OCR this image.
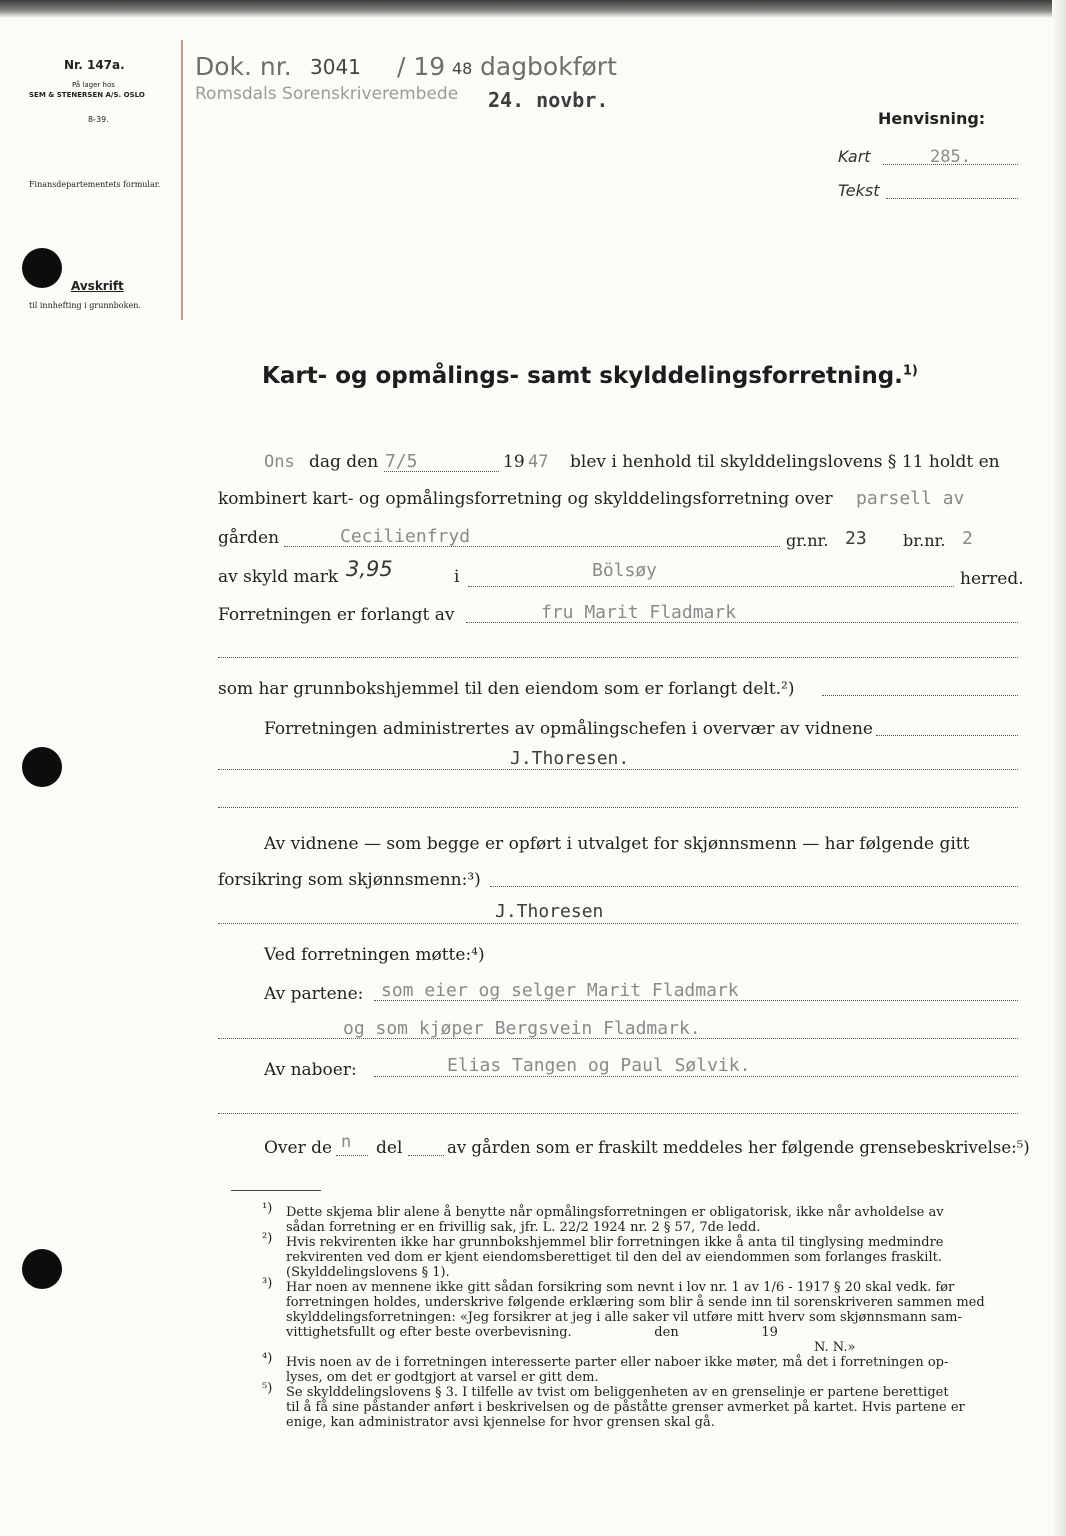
Nr. 147a.
På lager hos
SEM & STENERSEN A/S. OSLO
8-39.
Finansdepartementets formular.
Avskrift
til innhefting i grunnboken.
Dok. nr. 3041 / 19 48 dagbokført
Romsdals Sorenskriverembede 24. novbr.
Henvisning:
Kart	285.
Tekst
Kart- og opmålings- samt skylddelingsforretning.$^{1)}$
Ons dag den 7/5	19 47 blev i henhold til skylddelingslovens § 11 holdt en
kombinert kart- og opmålingsforretning og skylddelingsforretning over parsell av
gården	Cecilienfryd	gr.nr. 23 br.nr. 2
av skyld mark 3,95	i	Bölsøy	herred.
Forretningen er forlangt av	fru Marit Fladmark
som har grunnbokshjemmel til den eiendom som er forlangt delt.²)
Forretningen administrertes av opmålingschefen i overvær av vidnene
J.Thoresen.
Av vidnene — som begge er opført i utvalget for skjønnsmenn — har følgende gitt
forsikring som skjønnsmenn:³)
J.Thoresen
Ved forretningen møtte:⁴)
Av partene: som eier og selger Marit Fladmark
og som kjøper Bergsvein Fladmark.
Av naboer:	Elias Tangen og Paul Sølvik.
Over de n del	av gården som er fraskilt meddeles her følgende grensebeskrivelse:⁵)
¹) Dette skjema blir alene å benytte når opmålingsforretningen er obligatorisk, ikke når avholdelse av
sådan forretning er en frivillig sak, jfr. L. 22/2 1924 nr. 2 § 57, 7de ledd.
²) Hvis rekvirenten ikke har grunnbokshjemmel blir forretningen ikke å anta til tinglysing medmindre
rekvirenten ved dom er kjent eiendomsberettiget til den del av eiendommen som forlanges fraskilt.
(Skylddelingslovens § 1).
³) Har noen av mennene ikke gitt sådan forsikring som nevnt i lov nr. 1 av 1/6 - 1917 § 20 skal vedk. før
forretningen holdes, underskrive følgende erklæring som blir å sende inn til sorenskriveren sammen med
skylddelingsforretningen: «Jeg forsikrer at jeg i alle saker vil utføre mitt hverv som skjønnsmann sam-
vittighetsfullt og efter beste overbevisning.                    den                    19
N. N.»
⁴) Hvis noen av de i forretningen interesserte parter eller naboer ikke møter, må det i forretningen op-
lyses, om det er godtgjort at varsel er gitt dem.
⁵) Se skylddelingslovens § 3. I tilfelle av tvist om beliggenheten av en grenselinje er partene berettiget
til å få sine påstander anført i beskrivelsen og de påståtte grenser avmerket på kartet. Hvis partene er
enige, kan administrator avsi kjennelse for hvor grensen skal gå.
